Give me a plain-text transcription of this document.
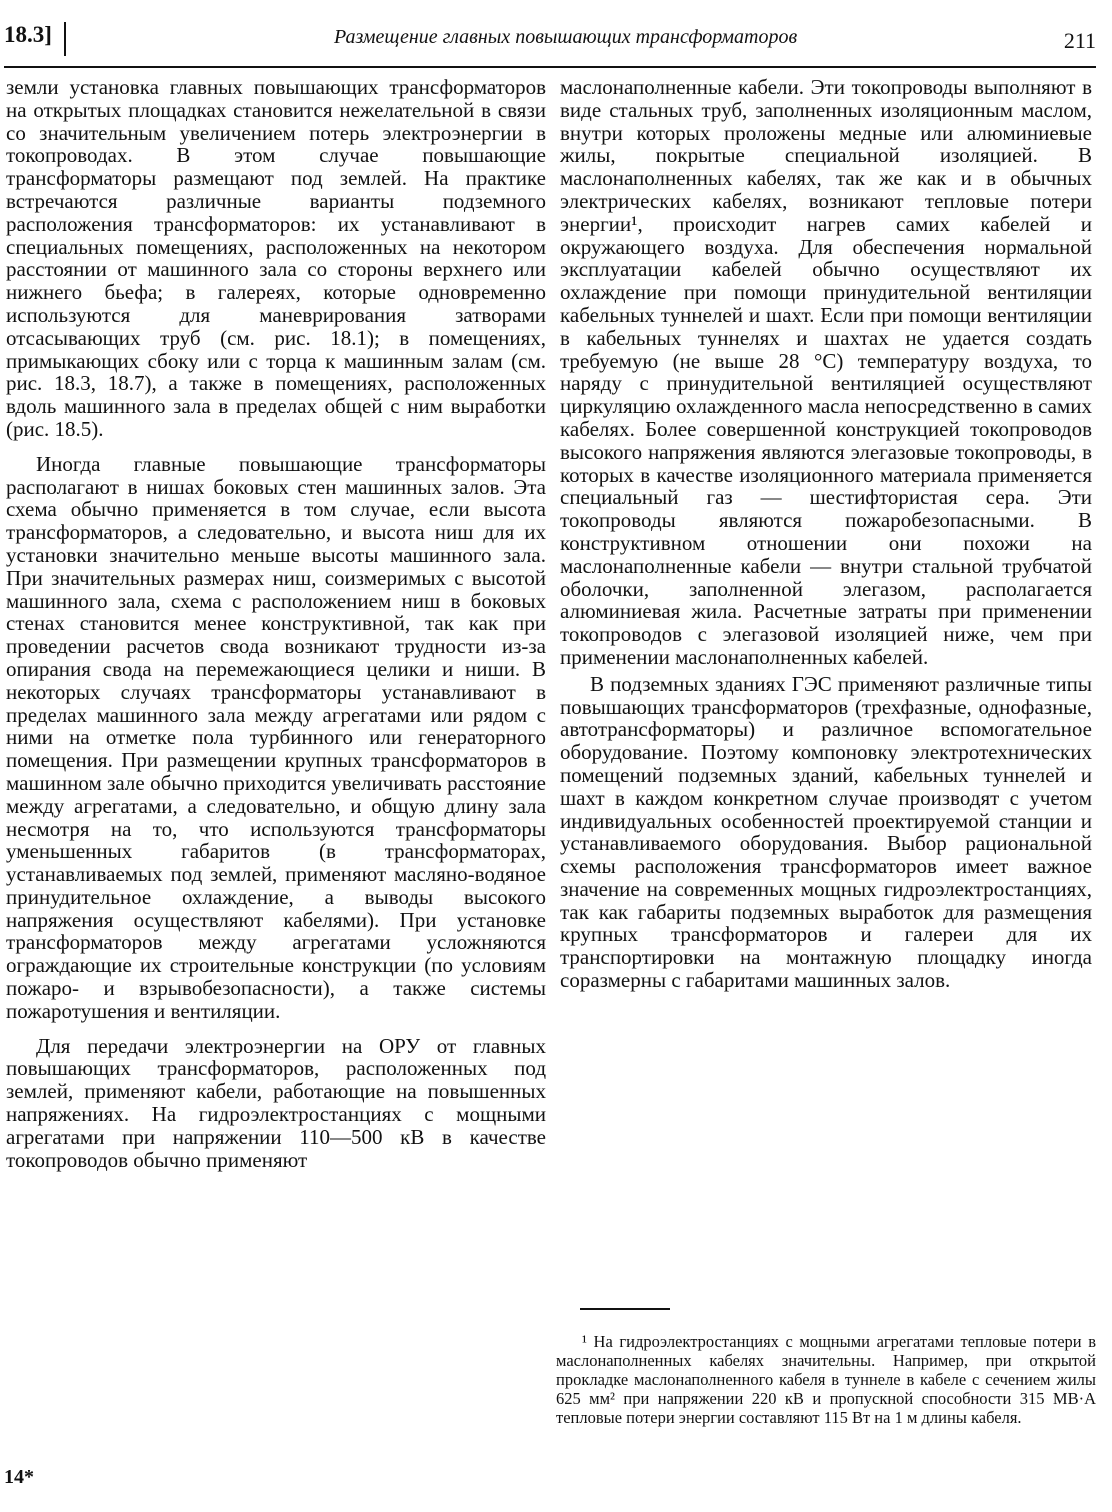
18.3]	Размещение главных повышающих трансформаторов	211

земли установка главных повышающих трансформаторов на открытых площадках становится нежелательной в связи со значительным увеличением потерь электроэнергии в токопроводах. В этом случае повышающие трансформаторы размещают под землей. На практике встречаются различные варианты подземного расположения трансформаторов: их устанавливают в специальных помещениях, расположенных на некотором расстоянии от машинного зала со стороны верхнего или нижнего бьефа; в галереях, которые одновременно используются для маневрирования затворами отсасывающих труб (см. рис. 18.1); в помещениях, примыкающих сбоку или с торца к машинным залам (см. рис. 18.3, 18.7), а также в помещениях, расположенных вдоль машинного зала в пределах общей с ним выработки (рис. 18.5).

Иногда главные повышающие трансформаторы располагают в нишах боковых стен машинных залов. Эта схема обычно применяется в том случае, если высота трансформаторов, а следовательно, и высота ниш для их установки значительно меньше высоты машинного зала. При значительных размерах ниш, соизмеримых с высотой машинного зала, схема с расположением ниш в боковых стенах становится менее конструктивной, так как при проведении расчетов свода возникают трудности из-за опирания свода на перемежающиеся целики и ниши. В некоторых случаях трансформаторы устанавливают в пределах машинного зала между агрегатами или рядом с ними на отметке пола турбинного или генераторного помещения. При размещении крупных трансформаторов в машинном зале обычно приходится увеличивать расстояние между агрегатами, а следовательно, и общую длину зала несмотря на то, что используются трансформаторы уменьшенных габаритов (в трансформаторах, устанавливаемых под землей, применяют масляно-водяное принудительное охлаждение, а выводы высокого напряжения осуществляют кабелями). При установке трансформаторов между агрегатами усложняются ограждающие их строительные конструкции (по условиям пожаро- и взрывобезопасности), а также системы пожаротушения и вентиляции.

Для передачи электроэнергии на ОРУ от главных повышающих трансформаторов, расположенных под землей, применяют кабели, работающие на повышенных напряжениях. На гидроэлектростанциях с мощными агрегатами при напряжении 110—500 кВ в качестве токопроводов обычно применяют

маслонаполненные кабели. Эти токопроводы выполняют в виде стальных труб, заполненных изоляционным маслом, внутри которых проложены медные или алюминиевые жилы, покрытые специальной изоляцией. В маслонаполненных кабелях, так же как и в обычных электрических кабелях, возникают тепловые потери энергии¹, происходит нагрев самих кабелей и окружающего воздуха. Для обеспечения нормальной эксплуатации кабелей обычно осуществляют их охлаждение при помощи принудительной вентиляции кабельных туннелей и шахт. Если при помощи вентиляции в кабельных туннелях и шахтах не удается создать требуемую (не выше 28 °С) температуру воздуха, то наряду с принудительной вентиляцией осуществляют циркуляцию охлажденного масла непосредственно в самих кабелях. Более совершенной конструкцией токопроводов высокого напряжения являются элегазовые токопроводы, в которых в качестве изоляционного материала применяется специальный газ — шестифтористая сера. Эти токопроводы являются пожаробезопасными. В конструктивном отношении они похожи на маслонаполненные кабели — внутри стальной трубчатой оболочки, заполненной элегазом, располагается алюминиевая жила. Расчетные затраты при применении токопроводов с элегазовой изоляцией ниже, чем при применении маслонаполненных кабелей.

В подземных зданиях ГЭС применяют различные типы повышающих трансформаторов (трехфазные, однофазные, автотрансформаторы) и различное вспомогательное оборудование. Поэтому компоновку электротехнических помещений подземных зданий, кабельных туннелей и шахт в каждом конкретном случае производят с учетом индивидуальных особенностей проектируемой станции и устанавливаемого оборудования. Выбор рациональной схемы расположения трансформаторов имеет важное значение на современных мощных гидроэлектростанциях, так как габариты подземных выработок для размещения крупных трансформаторов и галереи для их транспортировки на монтажную площадку иногда соразмерны с габаритами машинных залов.

¹ На гидроэлектростанциях с мощными агрегатами тепловые потери в маслонаполненных кабелях значительны. Например, при открытой прокладке маслонаполненного кабеля в туннеле в кабеле с сечением жилы 625 мм² при напряжении 220 кВ и пропускной способности 315 МВ·А тепловые потери энергии составляют 115 Вт на 1 м длины кабеля.
14*
